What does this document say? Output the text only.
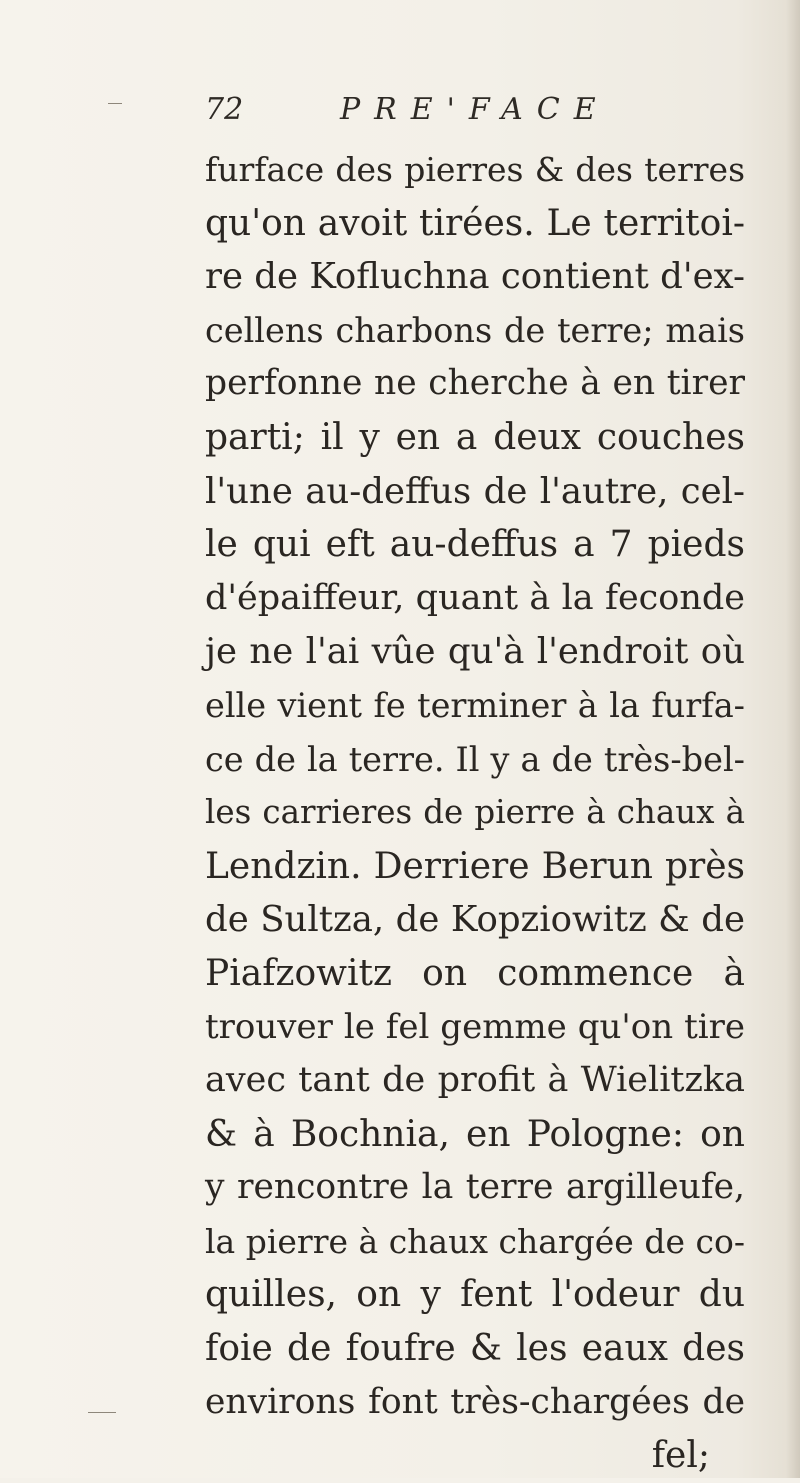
72	PRE'FACE
furface des pierres & des terres
qu'on avoit tirées. Le territoi-
re de Kofluchna contient d'ex-
cellens charbons de terre; mais
perfonne ne cherche à en tirer
parti; il y en a deux couches
l'une au-deffus de l'autre, cel-
le qui eft au-deffus a 7 pieds
d'épaiffeur, quant à la feconde
je ne l'ai vûe qu'à l'endroit où
elle vient fe terminer à la furfa-
ce de la terre. Il y a de très-bel-
les carrieres de pierre à chaux à
Lendzin. Derriere Berun près
de Sultza, de Kopziowitz & de
Piafzowitz on commence à
trouver le fel gemme qu'on tire
avec tant de profit à Wielitzka
& à Bochnia, en Pologne: on
y rencontre la terre argilleufe,
la pierre à chaux chargée de co-
quilles, on y fent l'odeur du
foie de foufre & les eaux des
environs font très-chargées de
fel;
